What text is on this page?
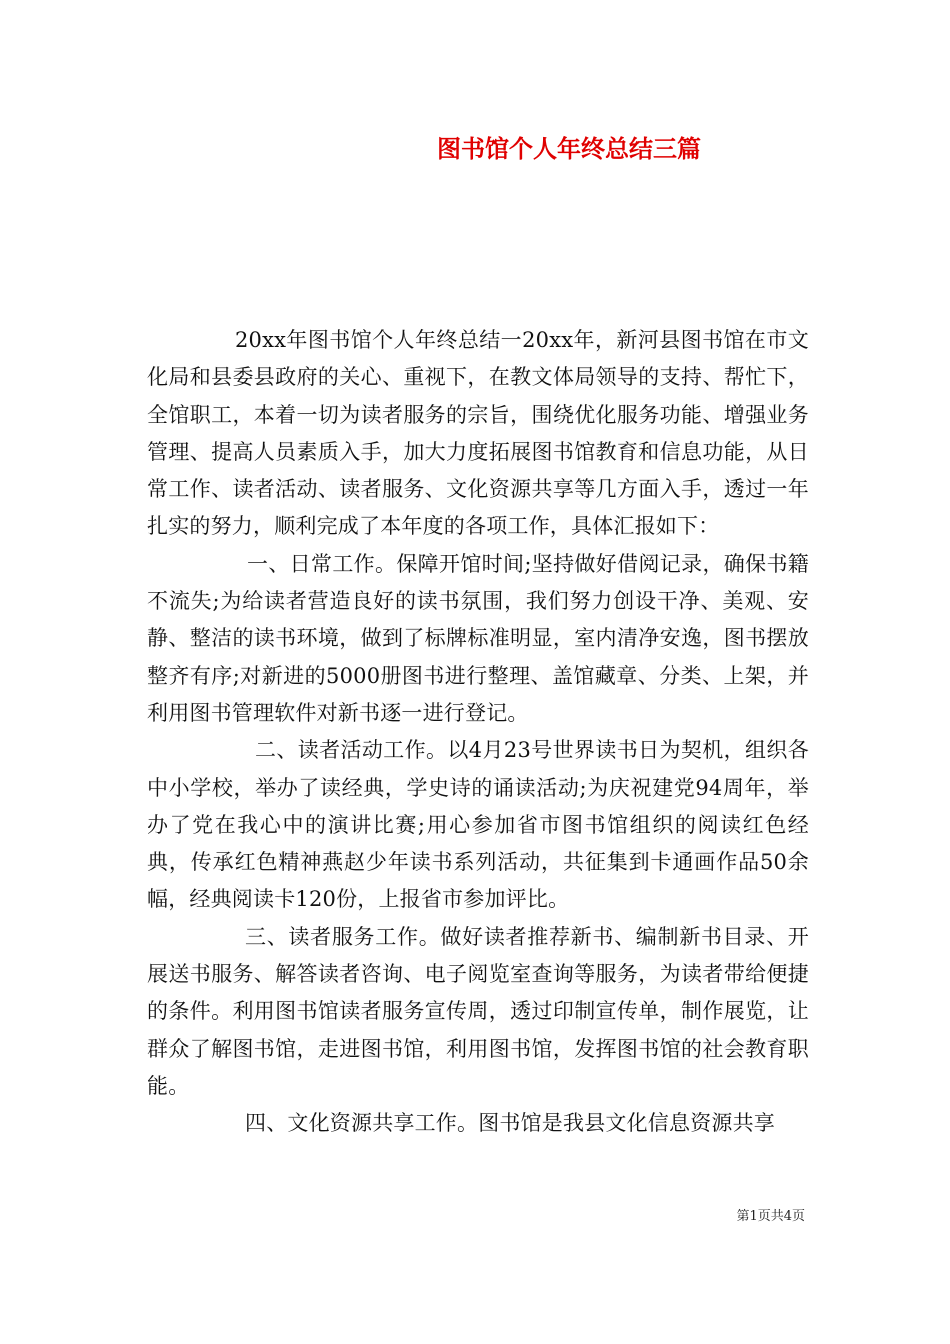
图书馆个人年终总结三篇

20xx年图书馆个人年终总结一20xx年，新河县图书馆在市文化局和县委县政府的关心、重视下，在教文体局领导的支持、帮忙下，全馆职工，本着一切为读者服务的宗旨，围绕优化服务功能、增强业务管理、提高人员素质入手，加大力度拓展图书馆教育和信息功能，从日常工作、读者活动、读者服务、文化资源共享等几方面入手，透过一年扎实的努力，顺利完成了本年度的各项工作，具体汇报如下：

一、日常工作。保障开馆时间;坚持做好借阅记录，确保书籍不流失;为给读者营造良好的读书氛围，我们努力创设干净、美观、安静、整洁的读书环境，做到了标牌标准明显，室内清净安逸，图书摆放整齐有序;对新进的5000册图书进行整理、盖馆藏章、分类、上架，并利用图书管理软件对新书逐一进行登记。

二、读者活动工作。以4月23号世界读书日为契机，组织各中小学校，举办了读经典，学史诗的诵读活动;为庆祝建党94周年，举办了党在我心中的演讲比赛;用心参加省市图书馆组织的阅读红色经典，传承红色精神燕赵少年读书系列活动，共征集到卡通画作品50余幅，经典阅读卡120份，上报省市参加评比。

三、读者服务工作。做好读者推荐新书、编制新书目录、开展送书服务、解答读者咨询、电子阅览室查询等服务，为读者带给便捷的条件。利用图书馆读者服务宣传周，透过印制宣传单，制作展览，让群众了解图书馆，走进图书馆，利用图书馆，发挥图书馆的社会教育职能。

四、文化资源共享工作。图书馆是我县文化信息资源共享

第1页共4页
